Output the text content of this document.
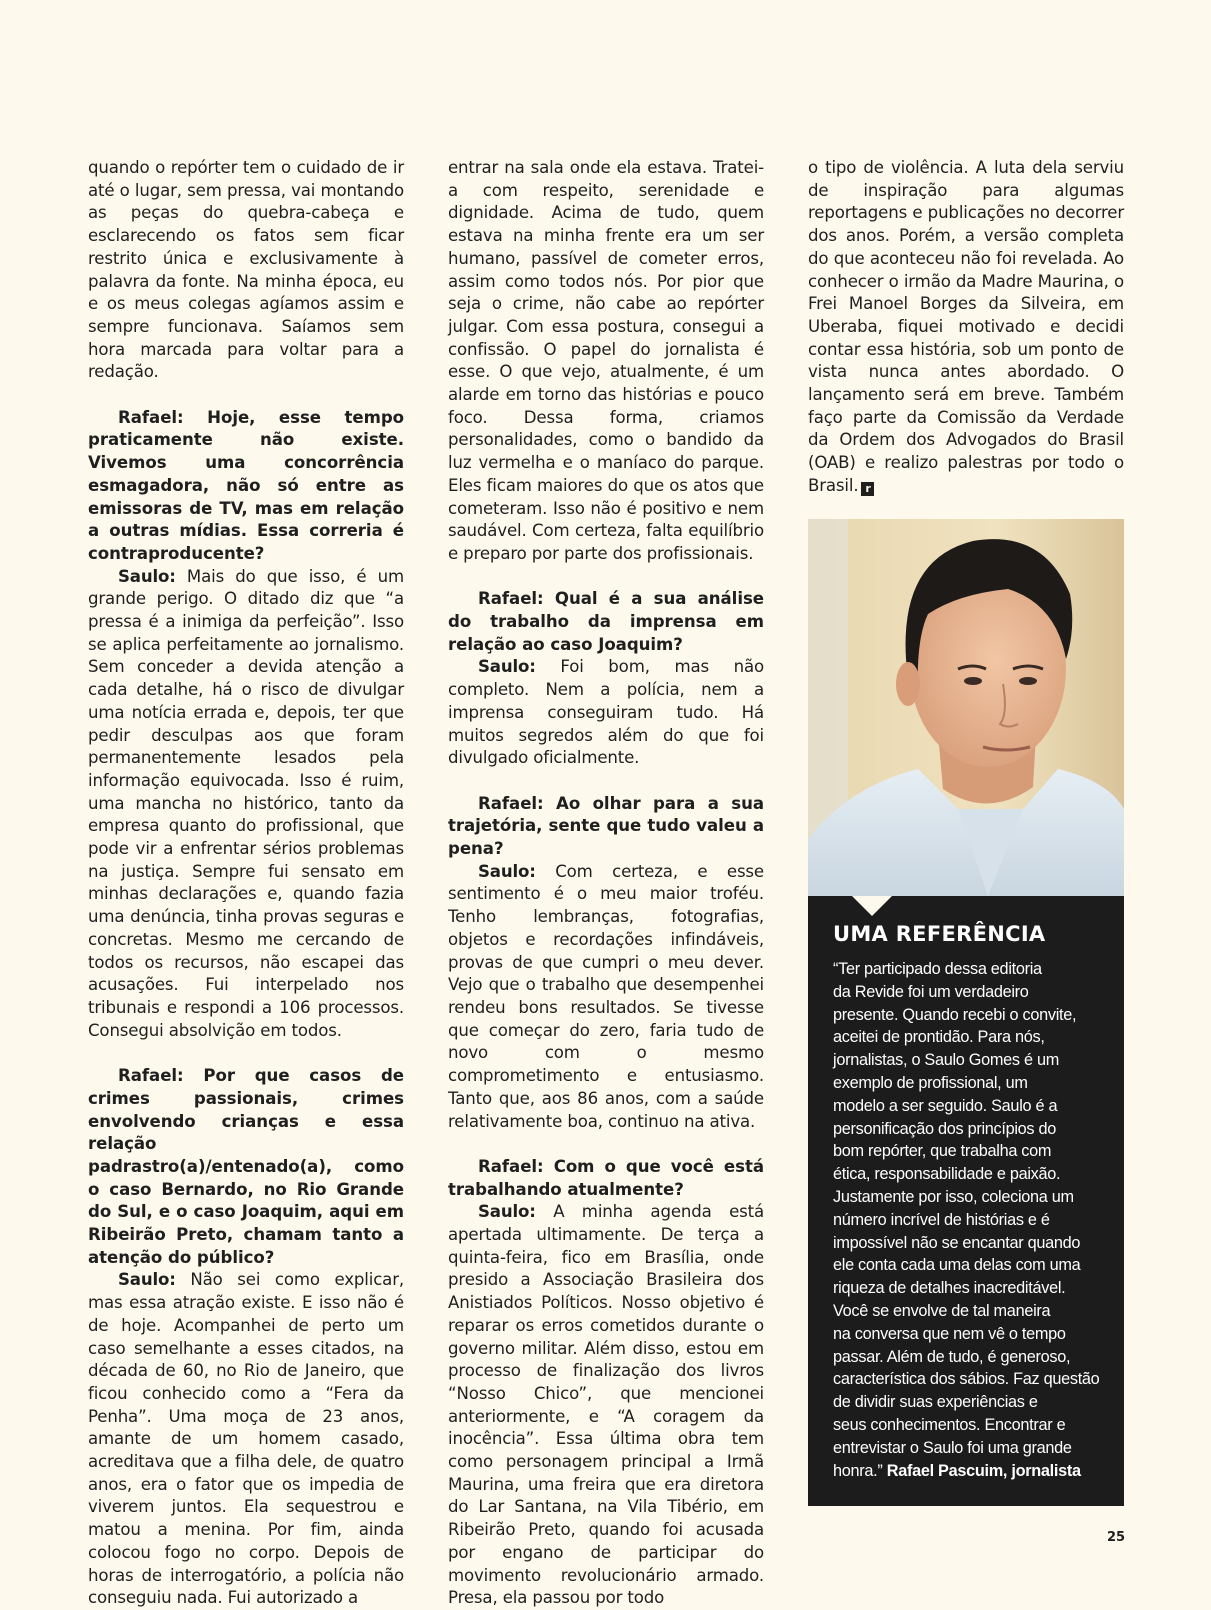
quando o repórter tem o cuidado de ir até o lugar, sem pressa, vai montando as peças do quebra-cabeça e esclarecendo os fatos sem ficar restrito única e exclusivamente à palavra da fonte. Na minha época, eu e os meus colegas agíamos assim e sempre funcionava. Saíamos sem hora marcada para voltar para a redação.

Rafael: Hoje, esse tempo praticamente não existe. Vivemos uma concorrência esmagadora, não só entre as emissoras de TV, mas em relação a outras mídias. Essa correria é contraproducente?

Saulo: Mais do que isso, é um grande perigo. O ditado diz que “a pressa é a inimiga da perfeição”. Isso se aplica perfeitamente ao jornalismo. Sem conceder a devida atenção a cada detalhe, há o risco de divulgar uma notícia errada e, depois, ter que pedir desculpas aos que foram permanentemente lesados pela informação equivocada. Isso é ruim, uma mancha no histórico, tanto da empresa quanto do profissional, que pode vir a enfrentar sérios problemas na justiça. Sempre fui sensato em minhas declarações e, quando fazia uma denúncia, tinha provas seguras e concretas. Mesmo me cercando de todos os recursos, não escapei das acusações. Fui interpelado nos tribunais e respondi a 106 processos. Consegui absolvição em todos.

Rafael: Por que casos de crimes passionais, crimes envolvendo crianças e essa relação padrastro(a)/entenado(a), como o caso Bernardo, no Rio Grande do Sul, e o caso Joaquim, aqui em Ribeirão Preto, chamam tanto a atenção do público?

Saulo: Não sei como explicar, mas essa atração existe. E isso não é de hoje. Acompanhei de perto um caso semelhante a esses citados, na década de 60, no Rio de Janeiro, que ficou conhecido como a “Fera da Penha”. Uma moça de 23 anos, amante de um homem casado, acreditava que a filha dele, de quatro anos, era o fator que os impedia de viverem juntos. Ela sequestrou e matou a menina. Por fim, ainda colocou fogo no corpo. Depois de horas de interrogatório, a polícia não conseguiu nada. Fui autorizado a

entrar na sala onde ela estava. Tratei-a com respeito, serenidade e dignidade. Acima de tudo, quem estava na minha frente era um ser humano, passível de cometer erros, assim como todos nós. Por pior que seja o crime, não cabe ao repórter julgar. Com essa postura, consegui a confissão. O papel do jornalista é esse. O que vejo, atualmente, é um alarde em torno das histórias e pouco foco. Dessa forma, criamos personalidades, como o bandido da luz vermelha e o maníaco do parque. Eles ficam maiores do que os atos que cometeram. Isso não é positivo e nem saudável. Com certeza, falta equilíbrio e preparo por parte dos profissionais.

Rafael: Qual é a sua análise do trabalho da imprensa em relação ao caso Joaquim?

Saulo: Foi bom, mas não completo. Nem a polícia, nem a imprensa conseguiram tudo. Há muitos segredos além do que foi divulgado oficialmente.

Rafael: Ao olhar para a sua trajetória, sente que tudo valeu a pena?

Saulo: Com certeza, e esse sentimento é o meu maior troféu. Tenho lembranças, fotografias, objetos e recordações infindáveis, provas de que cumpri o meu dever. Vejo que o trabalho que desempenhei rendeu bons resultados. Se tivesse que começar do zero, faria tudo de novo com o mesmo comprometimento e entusiasmo. Tanto que, aos 86 anos, com a saúde relativamente boa, continuo na ativa.

Rafael: Com o que você está trabalhando atualmente?

Saulo: A minha agenda está apertada ultimamente. De terça a quinta-feira, fico em Brasília, onde presido a Associação Brasileira dos Anistiados Políticos. Nosso objetivo é reparar os erros cometidos durante o governo militar. Além disso, estou em processo de finalização dos livros “Nosso Chico”, que mencionei anteriormente, e “A coragem da inocência”. Essa última obra tem como personagem principal a Irmã Maurina, uma freira que era diretora do Lar Santana, na Vila Tibério, em Ribeirão Preto, quando foi acusada por engano de participar do movimento revolucionário armado. Presa, ela passou por todo

o tipo de violência. A luta dela serviu de inspiração para algumas reportagens e publicações no decorrer dos anos. Porém, a versão completa do que aconteceu não foi revelada. Ao conhecer o irmão da Madre Maurina, o Frei Manoel Borges da Silveira, em Uberaba, fiquei motivado e decidi contar essa história, sob um ponto de vista nunca antes abordado. O lançamento será em breve. Também faço parte da Comissão da Verdade da Ordem dos Advogados do Brasil (OAB) e realizo palestras por todo o Brasil. r

UMA REFERÊNCIA
“Ter participado dessa editoria
da Revide foi um verdadeiro
presente. Quando recebi o convite,
aceitei de prontidão. Para nós,
jornalistas, o Saulo Gomes é um
exemplo de profissional, um
modelo a ser seguido. Saulo é a
personificação dos princípios do
bom repórter, que trabalha com
ética, responsabilidade e paixão.
Justamente por isso, coleciona um
número incrível de histórias e é
impossível não se encantar quando
ele conta cada uma delas com uma
riqueza de detalhes inacreditável.
Você se envolve de tal maneira
na conversa que nem vê o tempo
passar. Além de tudo, é generoso,
característica dos sábios. Faz questão
de dividir suas experiências e
seus conhecimentos. Encontrar e
entrevistar o Saulo foi uma grande
honra.” Rafael Pascuim, jornalista
25
